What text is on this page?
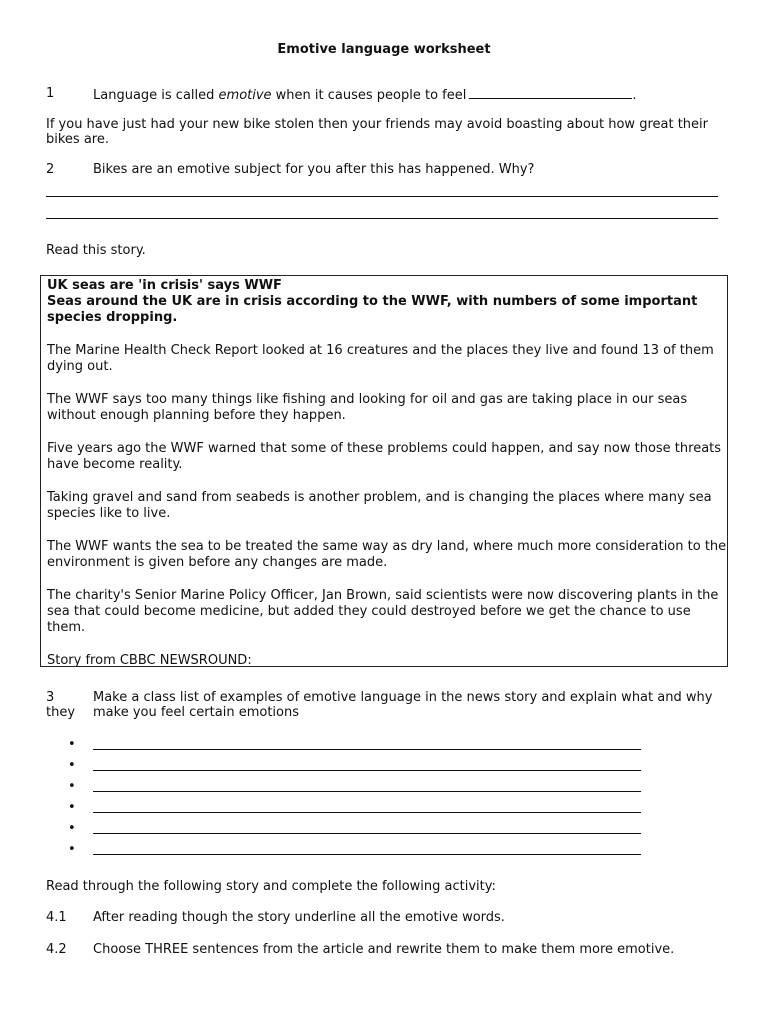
Emotive language worksheet
1	Language is called emotive when it causes people to feel	.
If you have just had your new bike stolen then your friends may avoid boasting about how great their bikes are.
2	Bikes are an emotive subject for you after this has happened. Why?
Read this story.
UK seas are 'in crisis' says WWF
Seas around the UK are in crisis according to the WWF, with numbers of some important species dropping.

The Marine Health Check Report looked at 16 creatures and the places they live and found 13 of them dying out.

The WWF says too many things like fishing and looking for oil and gas are taking place in our seas without enough planning before they happen.

Five years ago the WWF warned that some of these problems could happen, and say now those threats have become reality.

Taking gravel and sand from seabeds is another problem, and is changing the places where many sea species like to live.

The WWF wants the sea to be treated the same way as dry land, where much more consideration to the environment is given before any changes are made.

The charity's Senior Marine Policy Officer, Jan Brown, said scientists were now discovering plants in the sea that could become medicine, but added they could destroyed before we get the chance to use them.

Story from CBBC NEWSROUND:

3	Make a class list of examples of emotive language in the news story and explain what and why
they make you feel certain emotions
•
•
•
•
•
•
Read through the following story and complete the following activity:
4.1 After reading though the story underline all the emotive words.
4.2 Choose THREE sentences from the article and rewrite them to make them more emotive.
